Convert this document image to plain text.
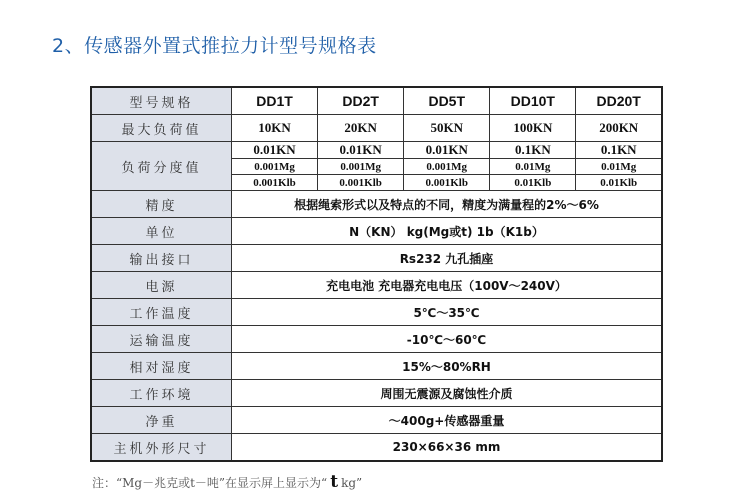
2、传感器外置式推拉力计型号规格表
型号规格	DD1T	DD2T	DD5T	DD10T	DD20T
最大负荷值	10KN	20KN	50KN	100KN	200KN
负荷分度值	0.01KN	0.01KN	0.01KN	0.1KN	0.1KN
	0.001Mg	0.001Mg	0.001Mg	0.01Mg	0.01Mg
	0.001Klb	0.001Klb	0.001Klb	0.01Klb	0.01Klb
精度	根据绳索形式以及特点的不同，精度为满量程的2%～6%				
单位	N（KN） kg(Mg或t) 1b（K1b）				
输出接口	Rs232 九孔插座				
电源	充电电池 充电器充电电压（100V～240V）				
工作温度	5℃～35℃				
运输温度	-10℃～60℃				
相对湿度	15%～80%RH				
工作环境	周围无震源及腐蚀性介质				
净重	～400g+传感器重量				
主机外形尺寸	230×66×36 mm				
注：“Mg－兆克或t－吨”在显示屏上显示为“ t kg”
